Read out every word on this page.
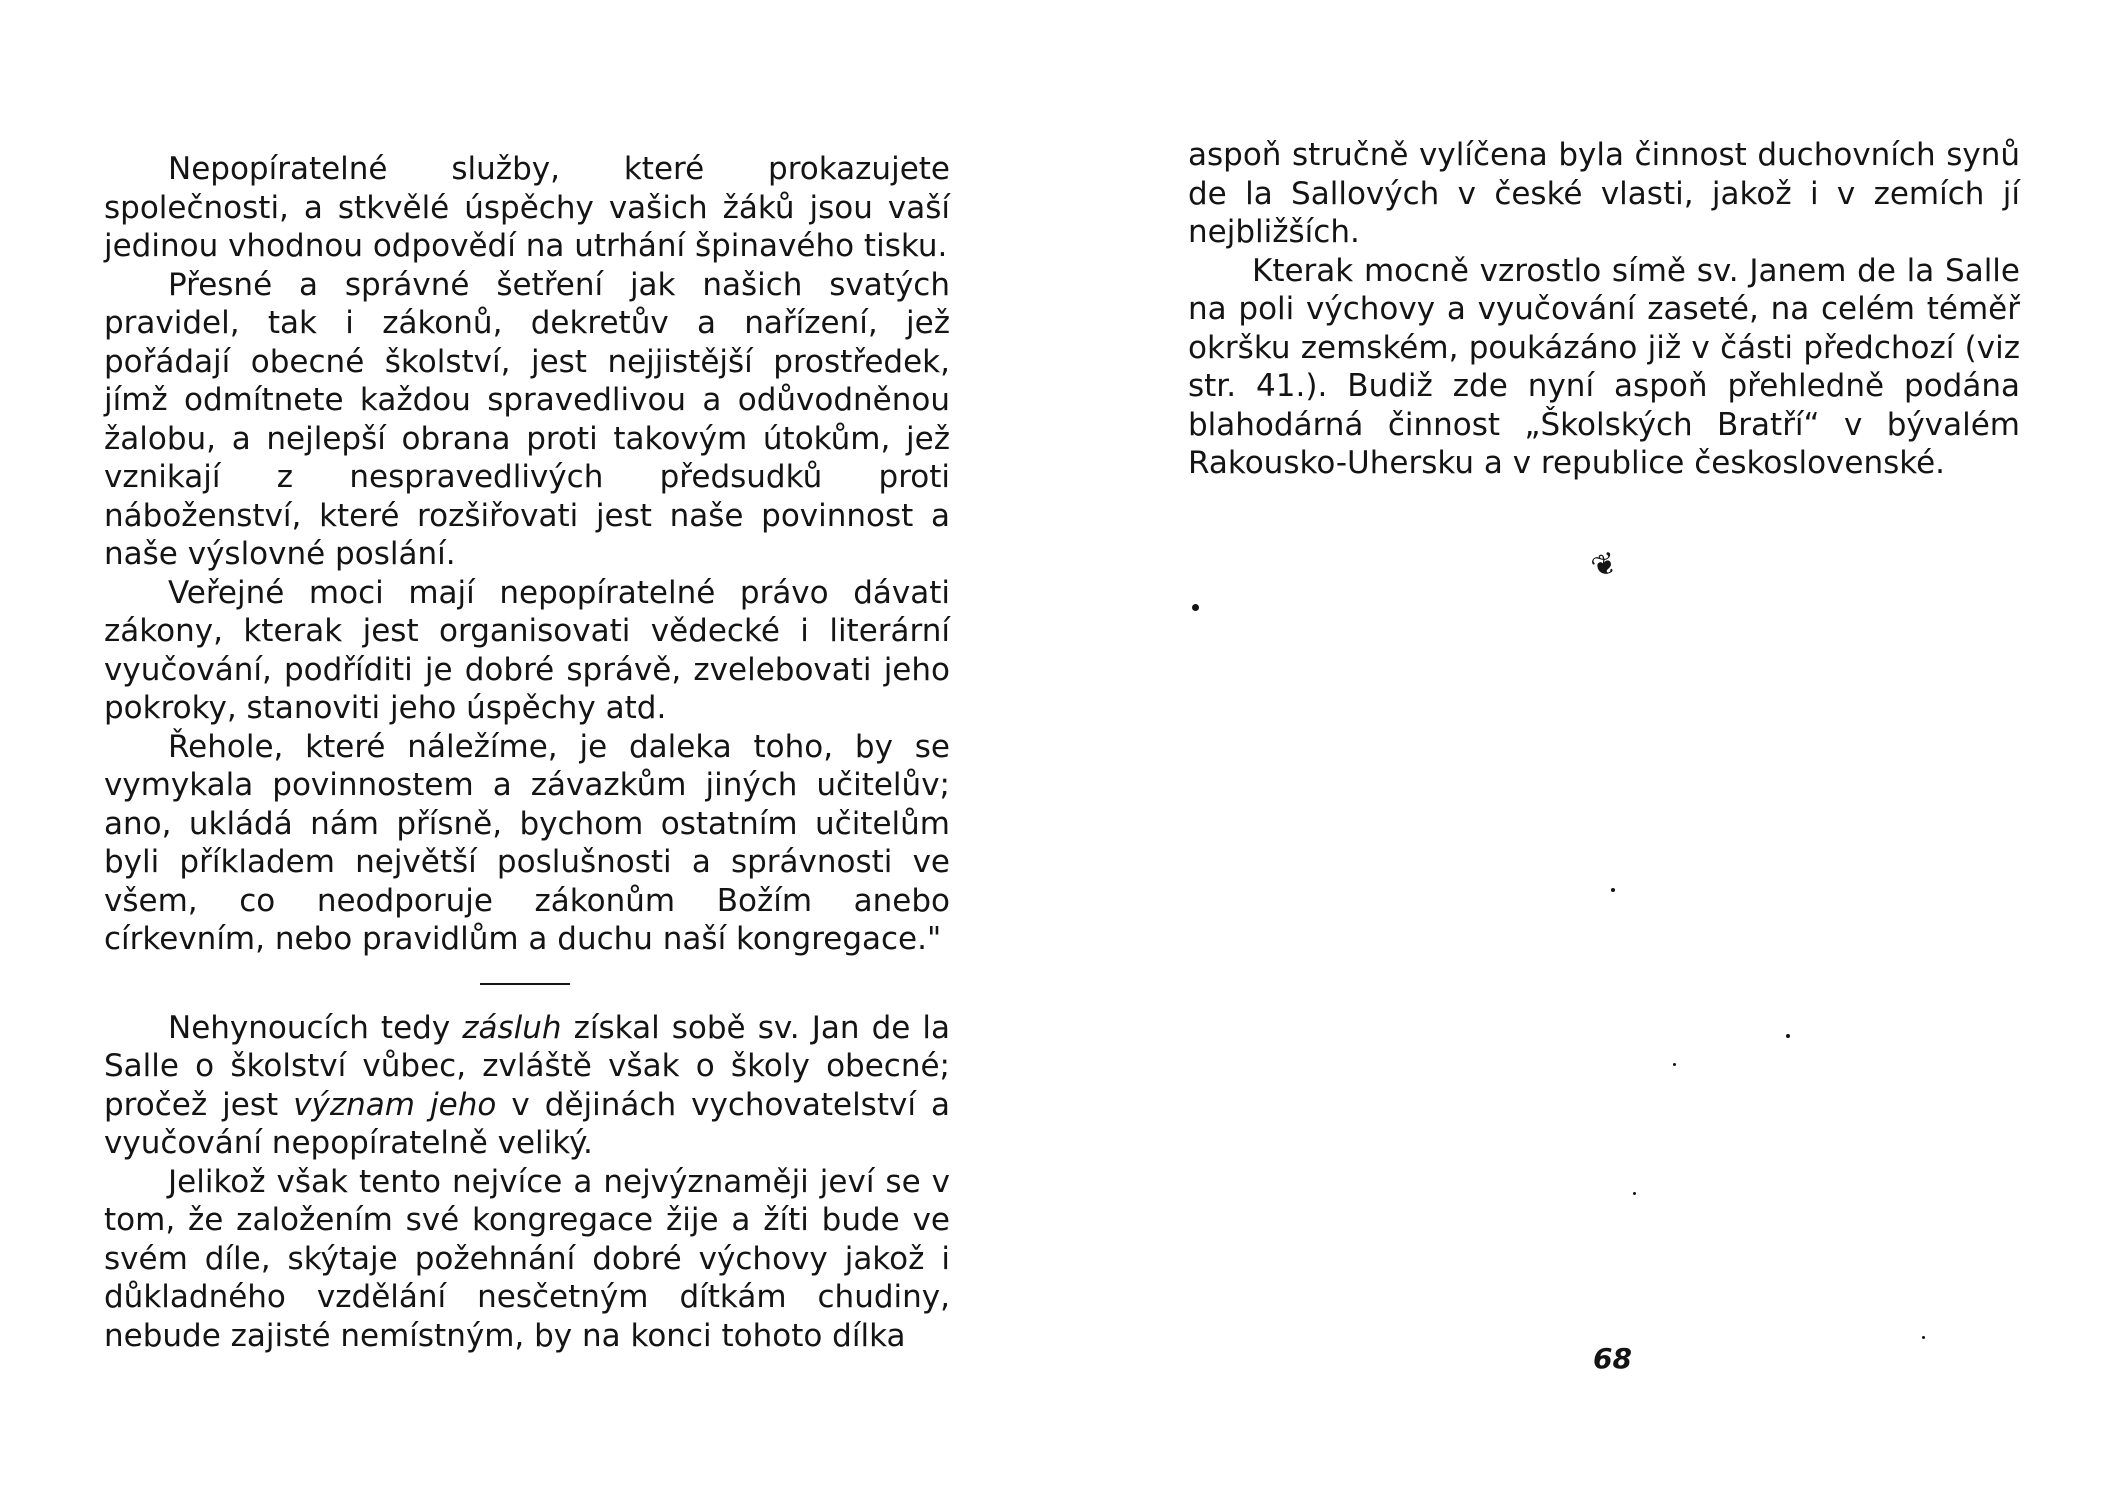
Nepopíratelné služby, které prokazujete společnosti, a stkvělé úspěchy vašich žáků jsou vaší jedinou vhodnou odpovědí na utrhání špinavého tisku.

Přesné a správné šetření jak našich svatých pravidel, tak i zákonů, dekretův a nařízení, jež pořádají obecné školství, jest nejjistější prostředek, jímž odmítnete každou spravedlivou a odůvodněnou žalobu, a nejlepší obrana proti takovým útokům, jež vznikají z nespravedlivých předsudků proti náboženství, které rozšiřovati jest naše povinnost a naše výslovné poslání.

Veřejné moci mají nepopíratelné právo dávati zákony, kterak jest organisovati vědecké i literární vyučování, podříditi je dobré správě, zvelebovati jeho pokroky, stanoviti jeho úspěchy atd.

Řehole, které náležíme, je daleka toho, by se vymykala povinnostem a závazkům jiných učitelův; ano, ukládá nám přísně, bychom ostatním učitelům byli příkladem největší poslušnosti a správnosti ve všem, co neodporuje zákonům Božím anebo církevním, nebo pravidlům a duchu naší kongregace."

Nehynoucích tedy zásluh získal sobě sv. Jan de la Salle o školství vůbec, zvláště však o školy obecné; pročež jest význam jeho v dějinách vychovatelství a vyučování nepopíratelně veliký.

Jelikož však tento nejvíce a nejvýznaměji jeví se v tom, že založením své kongregace žije a žíti bude ve svém díle, skýtaje požehnání dobré výchovy jakož i důkladného vzdělání nesčetným dítkám chudiny, nebude zajisté nemístným, by na konci tohoto dílka

aspoň stručně vylíčena byla činnost duchovních synů de la Sallových v české vlasti, jakož i v zemích jí nejbližších.

Kterak mocně vzrostlo símě sv. Janem de la Salle na poli výchovy a vyučování zaseté, na celém téměř okršku zemském, poukázáno již v části předchozí (viz str. 41.). Budiž zde nyní aspoň přehledně podána blahodárná činnost „Školských Bratří“ v bývalém Rakousko-Uhersku a v republice československé.

❦
68
